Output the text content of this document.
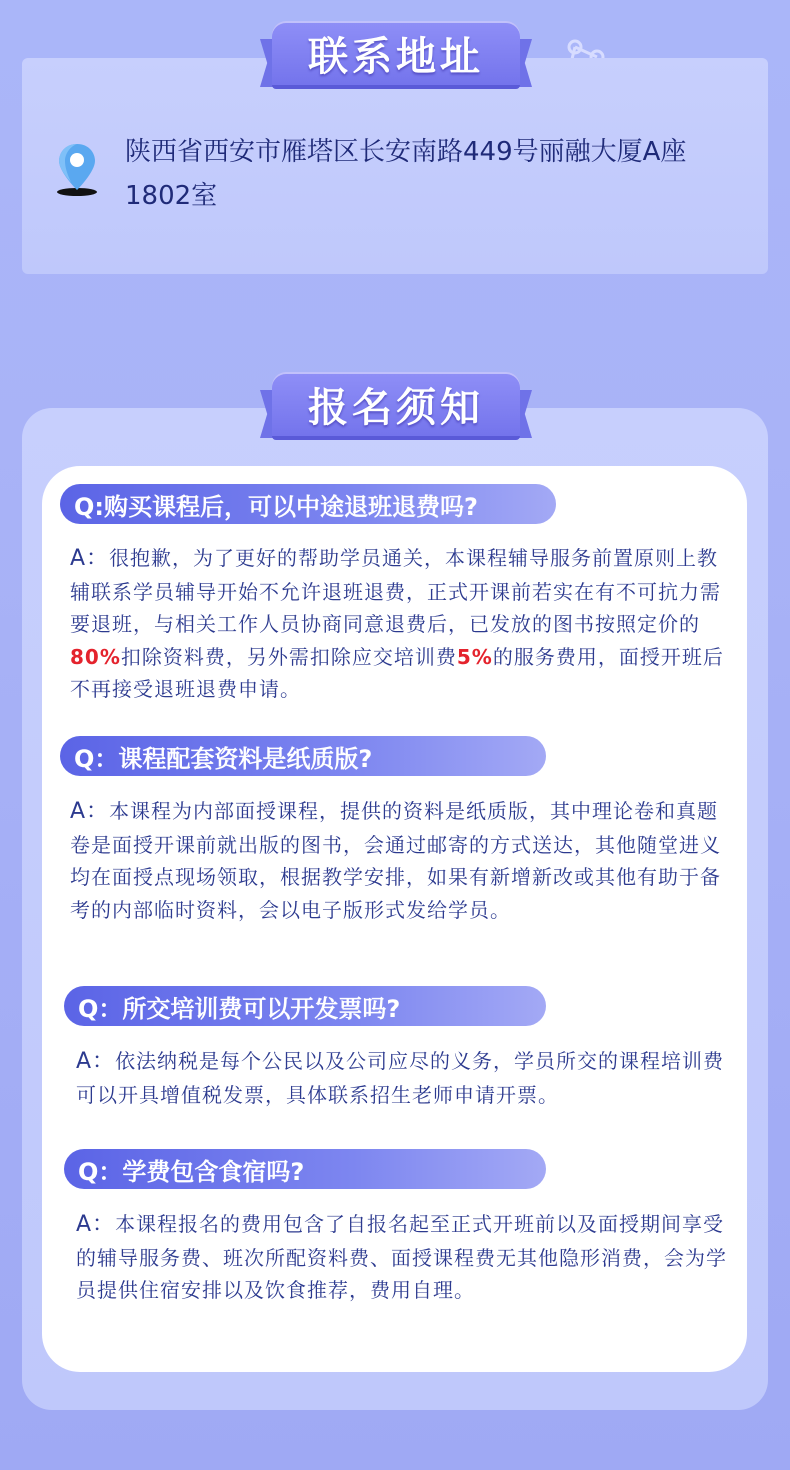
联系地址
陕西省西安市雁塔区长安南路449号丽融大厦A座1802室
报名须知
Q:购买课程后，可以中途退班退费吗?
A：很抱歉，为了更好的帮助学员通关，本课程辅导服务前置原则上教辅联系学员辅导开始不允许退班退费，正式开课前若实在有不可抗力需要退班，与相关工作人员协商同意退费后，已发放的图书按照定价的80%扣除资料费，另外需扣除应交培训费5%的服务费用，面授开班后不再接受退班退费申请。
Q：课程配套资料是纸质版?
A：本课程为内部面授课程，提供的资料是纸质版，其中理论卷和真题卷是面授开课前就出版的图书，会通过邮寄的方式送达，其他随堂进义均在面授点现场领取，根据教学安排，如果有新增新改或其他有助于备考的内部临时资料，会以电子版形式发给学员。
Q：所交培训费可以开发票吗?
A：依法纳税是每个公民以及公司应尽的义务，学员所交的课程培训费可以开具增值税发票，具体联系招生老师申请开票。
Q：学费包含食宿吗?
A：本课程报名的费用包含了自报名起至正式开班前以及面授期间享受的辅导服务费、班次所配资料费、面授课程费无其他隐形消费，会为学员提供住宿安排以及饮食推荐，费用自理。
